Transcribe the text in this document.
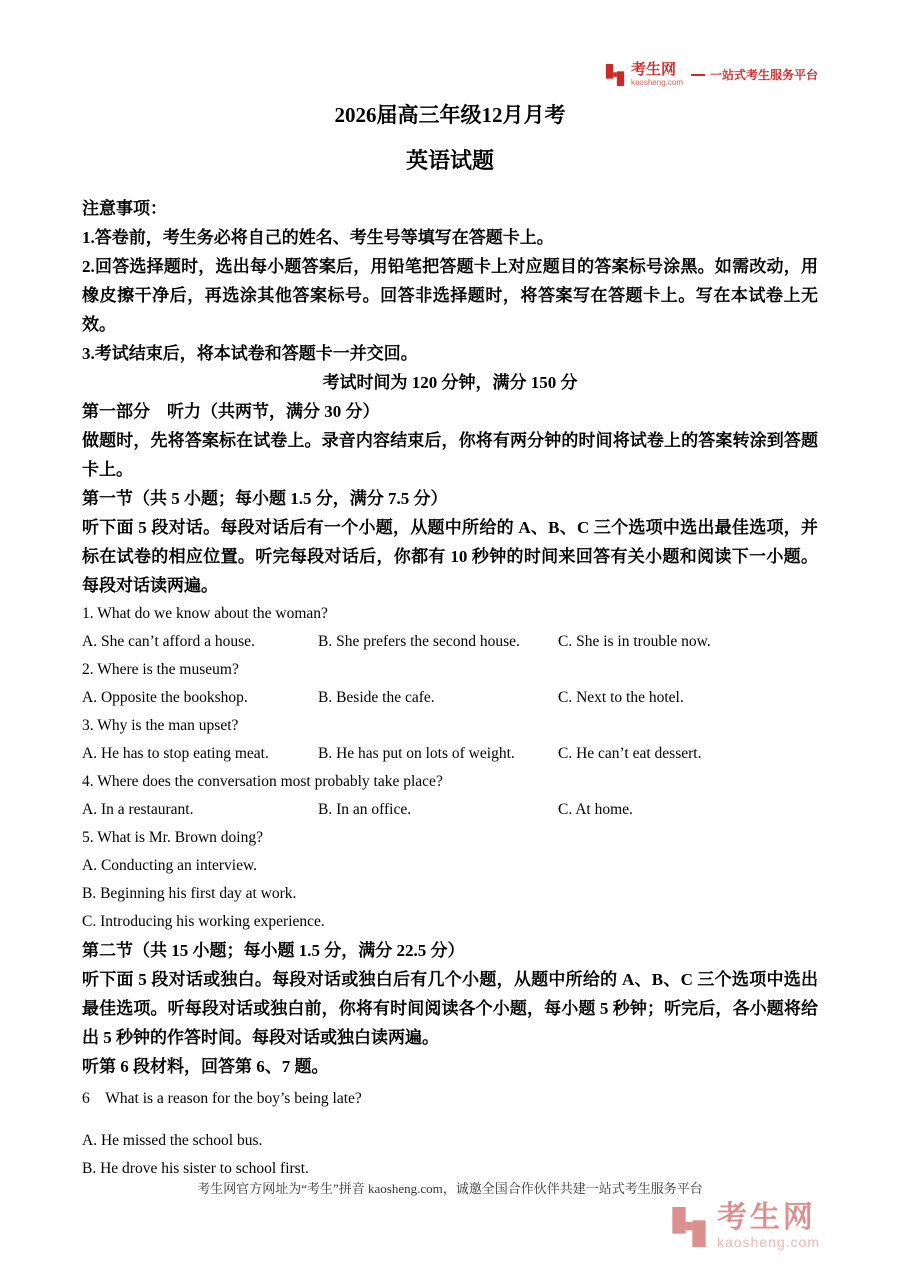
考生网
kaosheng.com
一站式考生服务平台
2026届高三年级12月月考
英语试题
注意事项：
1.答卷前，考生务必将自己的姓名、考生号等填写在答题卡上。
2.回答选择题时，选出每小题答案后，用铅笔把答题卡上对应题目的答案标号涂黑。如需改动，用橡皮擦干净后，再选涂其他答案标号。回答非选择题时，将答案写在答题卡上。写在本试卷上无效。
3.考试结束后，将本试卷和答题卡一并交回。
考试时间为 120 分钟，满分 150 分
第一部分　听力（共两节，满分 30 分）
做题时，先将答案标在试卷上。录音内容结束后，你将有两分钟的时间将试卷上的答案转涂到答题卡上。
第一节（共 5 小题；每小题 1.5 分，满分 7.5 分）
听下面 5 段对话。每段对话后有一个小题，从题中所给的 A、B、C 三个选项中选出最佳选项，并标在试卷的相应位置。听完每段对话后，你都有 10 秒钟的时间来回答有关小题和阅读下一小题。每段对话读两遍。
1. What do we know about the woman?
A. She can’t afford a house.	B. She prefers the second house.	C. She is in trouble now.
2. Where is the museum?
A. Opposite the bookshop.	B. Beside the cafe.	C. Next to the hotel.
3. Why is the man upset?
A. He has to stop eating meat.	B. He has put on lots of weight.	C. He can’t eat dessert.
4. Where does the conversation most probably take place?
A. In a restaurant.	B. In an office.	C. At home.
5. What is Mr. Brown doing?
A. Conducting an interview.
B. Beginning his first day at work.
C. Introducing his working experience.
第二节（共 15 小题；每小题 1.5 分，满分 22.5 分）
听下面 5 段对话或独白。每段对话或独白后有几个小题，从题中所给的 A、B、C 三个选项中选出最佳选项。听每段对话或独白前，你将有时间阅读各个小题，每小题 5 秒钟；听完后，各小题将给出 5 秒钟的作答时间。每段对话或独白读两遍。
听第 6 段材料，回答第 6、7 题。
6　What is a reason for the boy’s being late?
A. He missed the school bus.
B. He drove his sister to school first.
考生网官方网址为“考生”拼音 kaosheng.com，诚邀全国合作伙伴共建一站式考生服务平台
考生网
kaosheng.com
